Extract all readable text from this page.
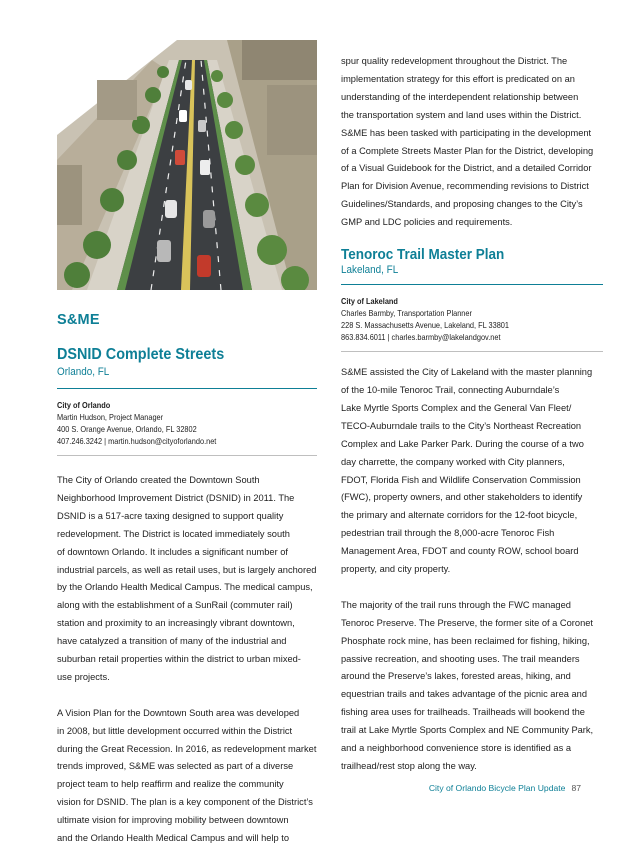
S&ME
DSNID Complete Streets
Orlando, FL
City of Orlando
Martin Hudson, Project Manager
400 S. Orange Avenue, Orlando, FL 32802
407.246.3242 | martin.hudson@cityoforlando.net

The City of Orlando created the Downtown South
Neighborhood Improvement District (DSNID) in 2011. The
DSNID is a 517-acre taxing designed to support quality
redevelopment. The District is located immediately south
of downtown Orlando. It includes a significant number of
industrial parcels, as well as retail uses, but is largely anchored
by the Orlando Health Medical Campus. The medical campus,
along with the establishment of a SunRail (commuter rail)
station and proximity to an increasingly vibrant downtown,
have catalyzed a transition of many of the industrial and
suburban retail properties within the district to urban mixed-
use projects.

A Vision Plan for the Downtown South area was developed
in 2008, but little development occurred within the District
during the Great Recession. In 2016, as redevelopment market
trends improved, S&ME was selected as part of a diverse
project team to help reaffirm and realize the community
vision for DSNID. The plan is a key component of the District’s
ultimate vision for improving mobility between downtown
and the Orlando Health Medical Campus and will help to

spur quality redevelopment throughout the District. The
implementation strategy for this effort is predicated on an
understanding of the interdependent relationship between
the transportation system and land uses within the District.
S&ME has been tasked with participating in the development
of a Complete Streets Master Plan for the District, developing
of a Visual Guidebook for the District, and a detailed Corridor
Plan for Division Avenue, recommending revisions to District
Guidelines/Standards, and proposing changes to the City’s
GMP and LDC policies and requirements.

Tenoroc Trail Master Plan
Lakeland, FL
City of Lakeland
Charles Barmby, Transportation Planner
228 S. Massachusetts Avenue, Lakeland, FL 33801
863.834.6011 | charles.barmby@lakelandgov.net

S&ME assisted the City of Lakeland with the master planning
of the 10-mile Tenoroc Trail, connecting Auburndale’s
Lake Myrtle Sports Complex and the General Van Fleet/
TECO-Auburndale trails to the City’s Northeast Recreation
Complex and Lake Parker Park. During the course of a two
day charrette, the company worked with City planners,
FDOT, Florida Fish and Wildlife Conservation Commission
(FWC), property owners, and other stakeholders to identify
the primary and alternate corridors for the 12-foot bicycle,
pedestrian trail through the 8,000-acre Tenoroc Fish
Management Area, FDOT and county ROW, school board
property, and city property.

The majority of the trail runs through the FWC managed
Tenoroc Preserve. The Preserve, the former site of a Coronet
Phosphate rock mine, has been reclaimed for fishing, hiking,
passive recreation, and shooting uses. The trail meanders
around the Preserve’s lakes, forested areas, hiking, and
equestrian trails and takes advantage of the picnic area and
fishing area uses for trailheads. Trailheads will bookend the
trail at Lake Myrtle Sports Complex and NE Community Park,
and a neighborhood convenience store is identified as a
trailhead/rest stop along the way.

City of Orlando Bicycle Plan Update 87
